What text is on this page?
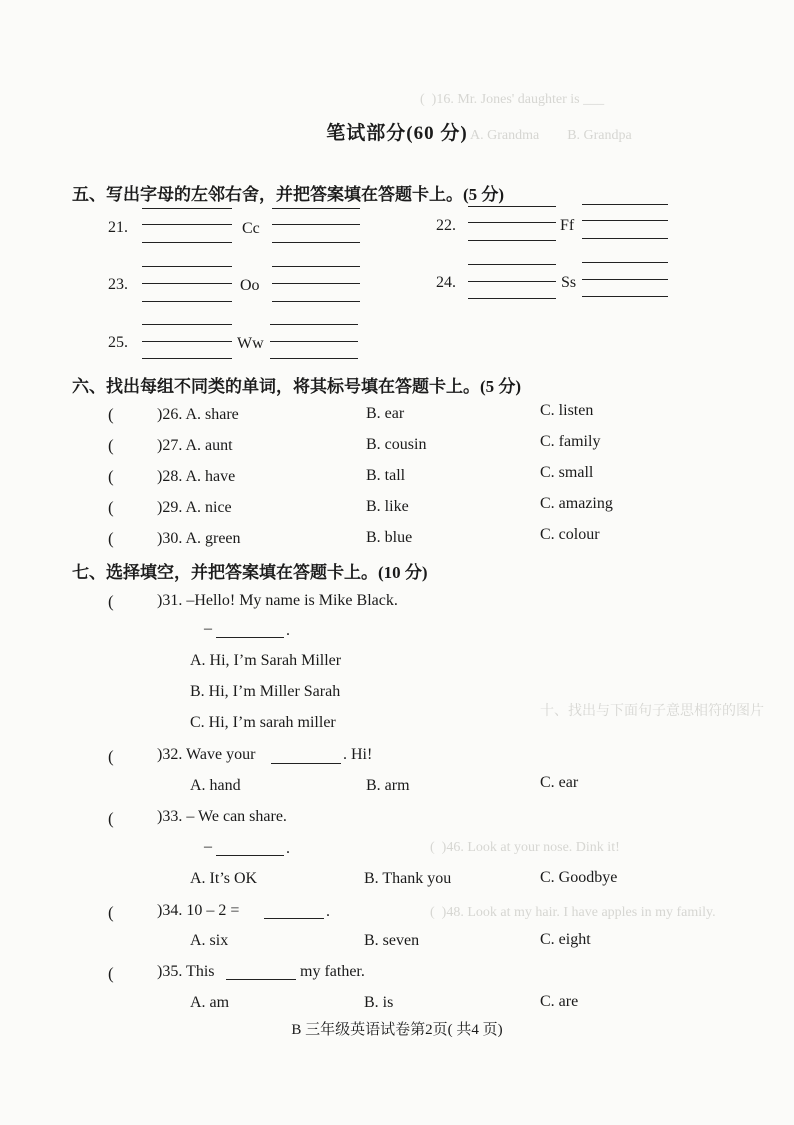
(  )16. Mr. Jones' daughter is ___
A. Grandma        B. Grandpa
十、找出与下面句子意思相符的图片
(  )46. Look at your nose. Dink it!
(  )48. Look at my hair. I have apples in my family.
笔试部分(60 分)
五、写出字母的左邻右舍，并把答案填在答题卡上。(5 分)
21.	Cc	22.	Ff
23.	Oo	24.	Ss
25.	Ww
六、找出每组不同类的单词，将其标号填在答题卡上。(5 分)
(	)26. A. share	B. ear	C. listen
(	)27. A. aunt	B. cousin	C. family
(	)28. A. have	B. tall	C. small
(	)29. A. nice	B. like	C. amazing
(	)30. A. green	B. blue	C. colour
七、选择填空，并把答案填在答题卡上。(10 分)
(	)31. –Hello! My name is Mike Black.
–	.
A. Hi, I’m Sarah Miller
B. Hi, I’m Miller Sarah
C. Hi, I’m sarah miller
(	)32. Wave your	. Hi!
A. hand	B. arm	C. ear
(	)33. – We can share.
–	.
A. It’s OK	B. Thank you	C. Goodbye
(	)34. 10 – 2 =	.
A. six	B. seven	C. eight
(	)35. This	my father.
A. am	B. is	C. are
B 三年级英语试卷第2页( 共4 页)
